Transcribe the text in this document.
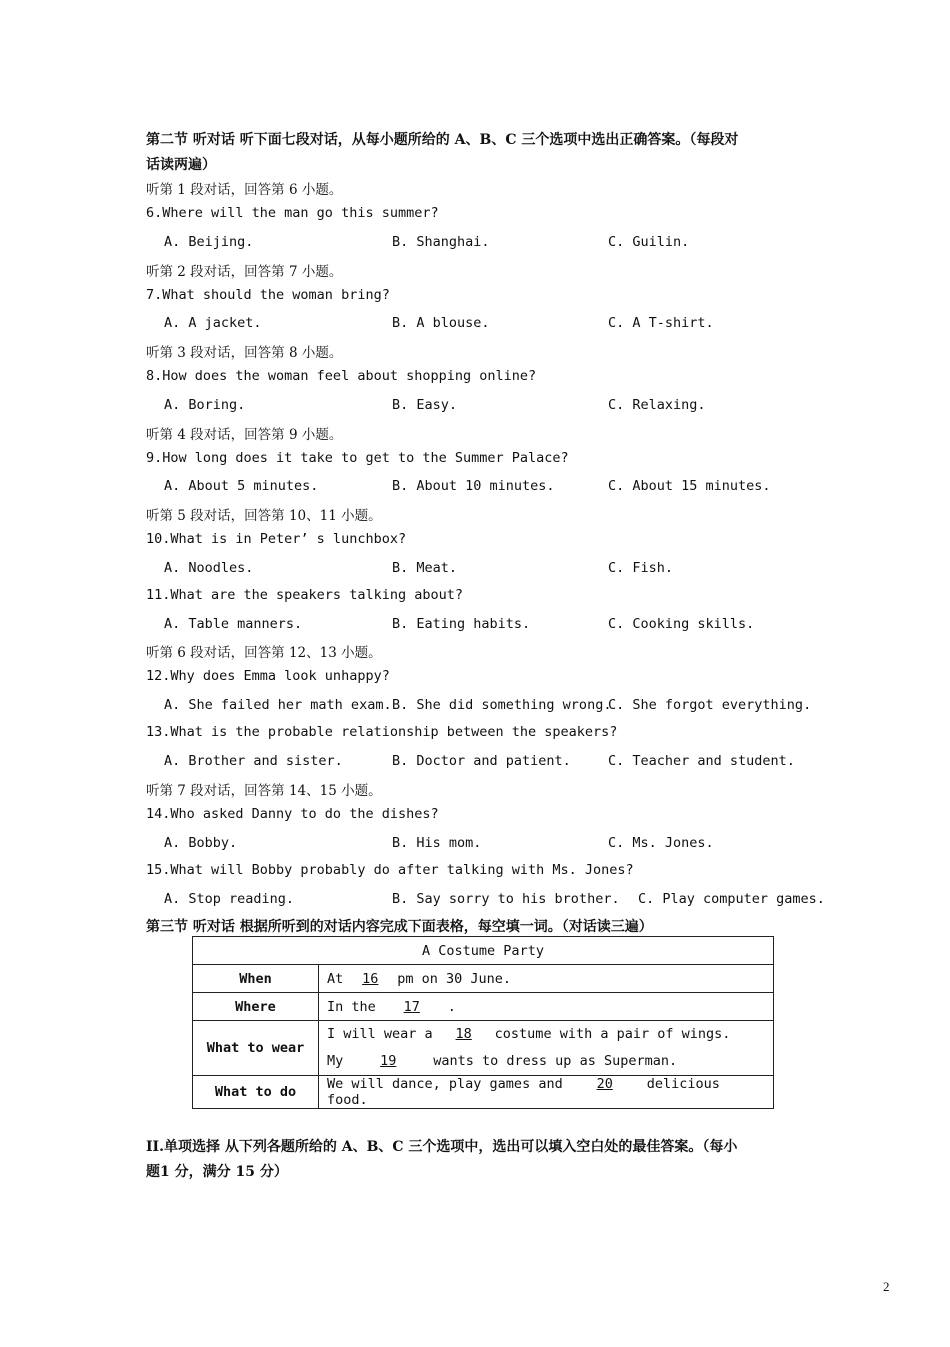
第二节 听对话 听下面七段对话，从每小题所给的 A、B、C 三个选项中选出正确答案。（每段对
话读两遍）
听第 1 段对话，回答第 6 小题。
6.Where will the man go this summer?
A. Beijing.	B. Shanghai.	C. Guilin.
听第 2 段对话，回答第 7 小题。
7.What should the woman bring?
A. A jacket.	B. A blouse.	C. A T-shirt.
听第 3 段对话，回答第 8 小题。
8.How does the woman feel about shopping online?
A. Boring.	B. Easy.	C. Relaxing.
听第 4 段对话，回答第 9 小题。
9.How long does it take to get to the Summer Palace?
A. About 5 minutes.	B. About 10 minutes.	C. About 15 minutes.
听第 5 段对话，回答第 10、11 小题。
10.What is in Peter’ s lunchbox?
A. Noodles.	B. Meat.	C. Fish.
11.What are the speakers talking about?
A. Table manners.	B. Eating habits.	C. Cooking skills.
听第 6 段对话，回答第 12、13 小题。
12.Why does Emma look unhappy?
A. She failed her math exam. B. She did something wrong.
C. She forgot everything.
13.What is the probable relationship between the speakers?
A. Brother and sister.	B. Doctor and patient.	C. Teacher and student.
听第 7 段对话，回答第 14、15 小题。
14.Who asked Danny to do the dishes?
A. Bobby.	B. His mom.	C. Ms. Jones.
15.What will Bobby probably do after talking with Ms. Jones?
A. Stop reading.	B. Say sorry to his brother. C. Play computer games.
第三节 听对话 根据所听到的对话内容完成下面表格，每空填一词。（对话读三遍）
A Costume Party	
When	At 16 pm on 30 June.
Where	In the 17 .
What to wear	I will wear a 18 costume with a pair of wings.
My 19 wants to dress up as Superman.

What to do	We will dance, play games and 20 delicious food.
II.单项选择 从下列各题所给的 A、B、C 三个选项中，选出可以填入空白处的最佳答案。（每小
题1 分，满分 15 分）
2
